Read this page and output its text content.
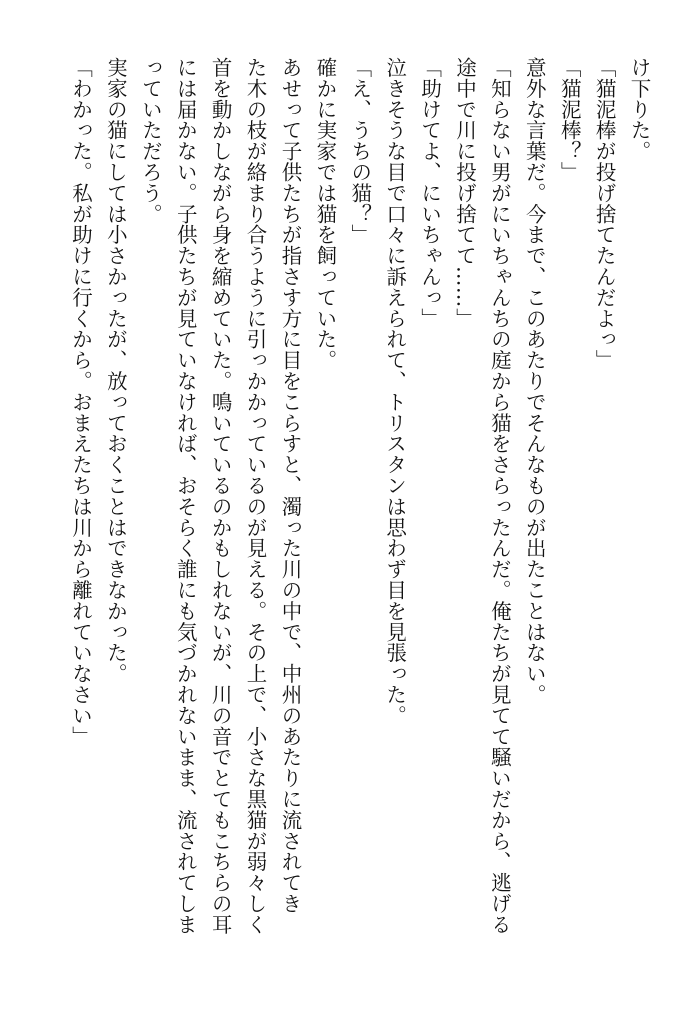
け下りた。
「猫泥棒が投げ捨てたんだよっ」
「猫泥棒？」
意外な言葉だ。今まで、このあたりでそんなものが出たことはない。
「知らない男がにいちゃんちの庭から猫をさらったんだ。俺たちが見てて騒いだから、逃げる
途中で川に投げ捨てて……」
「助けてよ、にいちゃんっ」
泣きそうな目で口々に訴えられて、トリスタンは思わず目を見張った。
「え、うちの猫？」
確かに実家では猫を飼っていた。
あせって子供たちが指さす方に目をこらすと、濁った川の中で、中州のあたりに流されてき
た木の枝が絡まり合うように引っかかっているのが見える。その上で、小さな黒猫が弱々しく
首を動かしながら身を縮めていた。鳴いているのかもしれないが、川の音でとてもこちらの耳
には届かない。子供たちが見ていなければ、おそらく誰にも気づかれないまま、流されてしま
っていただろう。
実家の猫にしては小さかったが、放っておくことはできなかった。
「わかった。私が助けに行くから。おまえたちは川から離れていなさい」
